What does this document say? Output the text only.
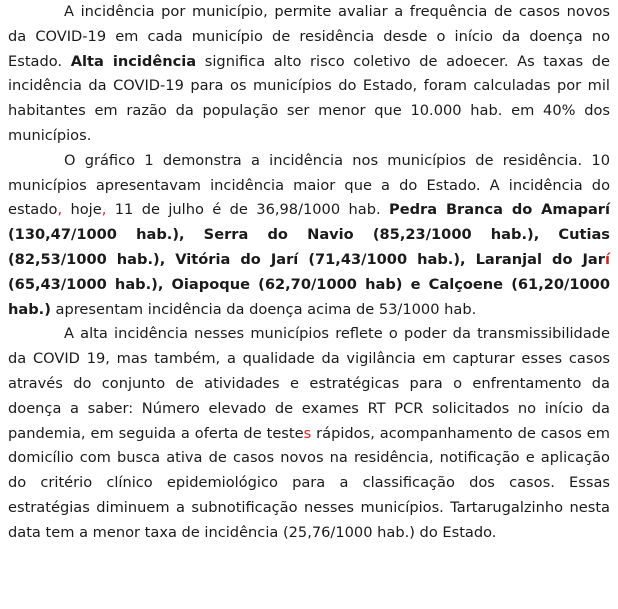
A incidência por município, permite avaliar a frequência de casos novos da COVID-19 em cada município de residência desde o início da doença no Estado. Alta incidência significa alto risco coletivo de adoecer. As taxas de incidência da COVID-19 para os municípios do Estado, foram calculadas por mil habitantes em razão da população ser menor que 10.000 hab. em 40% dos municípios.

O gráfico 1 demonstra a incidência nos municípios de residência. 10 municípios apresentavam incidência maior que a do Estado. A incidência do estado, hoje, 11 de julho é de 36,98/1000 hab. Pedra Branca do Amaparí (130,47/1000 hab.), Serra do Navio (85,23/1000 hab.), Cutias (82,53/1000 hab.), Vitória do Jarí (71,43/1000 hab.), Laranjal do Jarí (65,43/1000 hab.), Oiapoque (62,70/1000 hab) e Calçoene (61,20/1000 hab.) apresentam incidência da doença acima de 53/1000 hab.

A alta incidência nesses municípios reflete o poder da transmissibilidade da COVID 19, mas também, a qualidade da vigilância em capturar esses casos através do conjunto de atividades e estratégicas para o enfrentamento da doença a saber: Número elevado de exames RT PCR solicitados no início da pandemia, em seguida a oferta de testes rápidos, acompanhamento de casos em domicílio com busca ativa de casos novos na residência, notificação e aplicação do critério clínico epidemiológico para a classificação dos casos. Essas estratégias diminuem a subnotificação nesses municípios. Tartarugalzinho nesta data tem a menor taxa de incidência (25,76/1000 hab.) do Estado.
